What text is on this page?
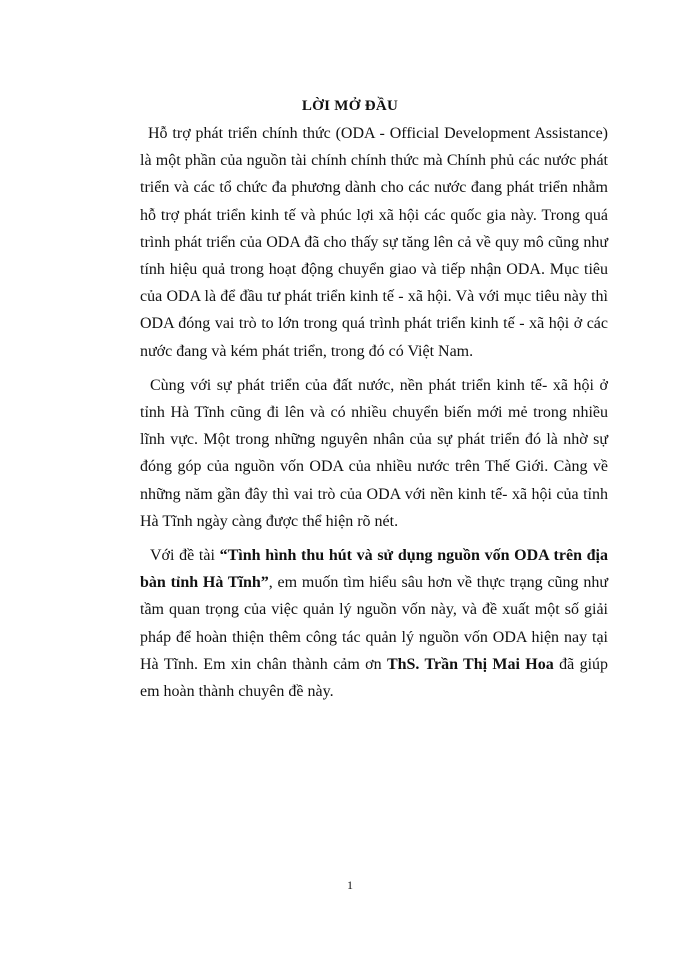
LỜI MỞ ĐẦU

Hỗ trợ phát triển chính thức (ODA - Official Development Assistance) là một phần của nguồn tài chính chính thức mà Chính phủ các nước phát triển và các tổ chức đa phương dành cho các nước đang phát triển nhằm hỗ trợ phát triển kinh tế và phúc lợi xã hội các quốc gia này. Trong quá trình phát triển của ODA đã cho thấy sự tăng lên cả về quy mô cũng như tính hiệu quả trong hoạt động chuyển giao và tiếp nhận ODA. Mục tiêu của ODA là để đầu tư phát triển kinh tế - xã hội. Và với mục tiêu này thì ODA đóng vai trò to lớn trong quá trình phát triển kinh tế - xã hội ở các nước đang và kém phát triển, trong đó có Việt Nam.

Cùng với sự phát triển của đất nước, nền phát triển kinh tế- xã hội ở tỉnh Hà Tĩnh cũng đi lên và có nhiều chuyển biến mới mẻ trong nhiều lĩnh vực. Một trong những nguyên nhân của sự phát triển đó là nhờ sự đóng góp của nguồn vốn ODA của nhiều nước trên Thế Giới. Càng về những năm gần đây thì vai trò của ODA với nền kinh tế- xã hội của tỉnh Hà Tĩnh ngày càng được thể hiện rõ nét.

Với đề tài “Tình hình thu hút và sử dụng nguồn vốn ODA trên địa bàn tỉnh Hà Tĩnh”, em muốn tìm hiểu sâu hơn về thực trạng cũng như tầm quan trọng của việc quản lý nguồn vốn này, và đề xuất một số giải pháp để hoàn thiện thêm công tác quản lý nguồn vốn ODA hiện nay tại Hà Tĩnh. Em xin chân thành cảm ơn ThS. Trần Thị Mai Hoa đã giúp em hoàn thành chuyên đề này.

1
